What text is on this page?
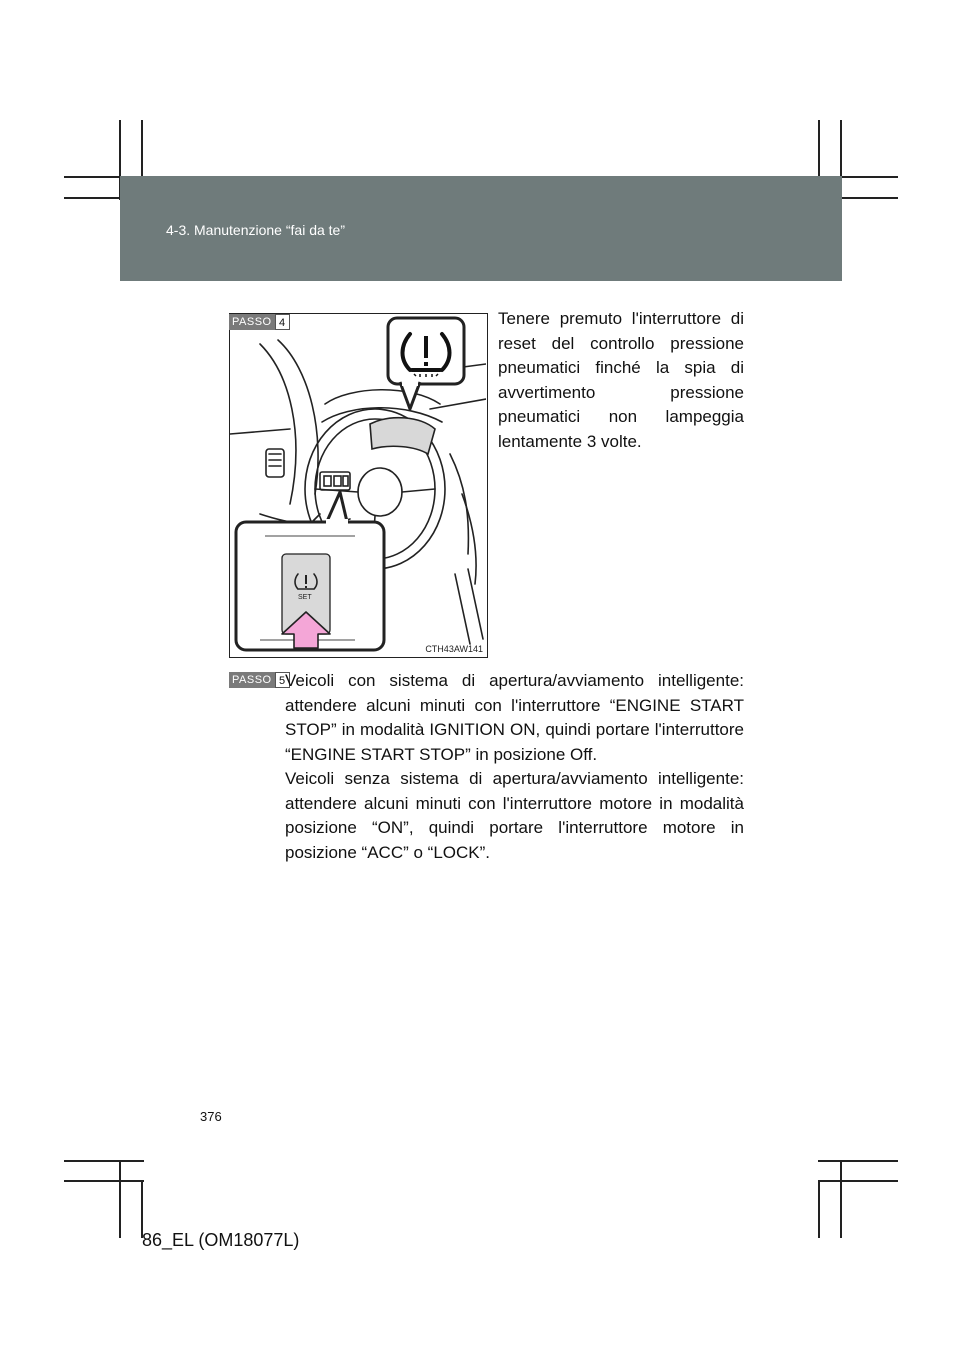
4-3. Manutenzione “fai da te”
SET
CTH43AW141
PASSO 4	Tenere premuto l'interruttore di reset del controllo pressione pneumatici finché la spia di avvertimento pressione pneumatici non lampeggia lentamente 3 volte.
PASSO 5 Veicoli con sistema di apertura/avviamento intelligente: attendere alcuni minuti con l'interruttore “ENGINE START STOP” in modalità IGNITION ON, quindi portare l'interruttore “ENGINE START STOP” in posizione Off.

Veicoli senza sistema di apertura/avviamento intelligente: attendere alcuni minuti con l'interruttore motore in modalità posizione “ON”, quindi portare l'interruttore motore in posizione “ACC” o “LOCK”.

376
86_EL (OM18077L)
